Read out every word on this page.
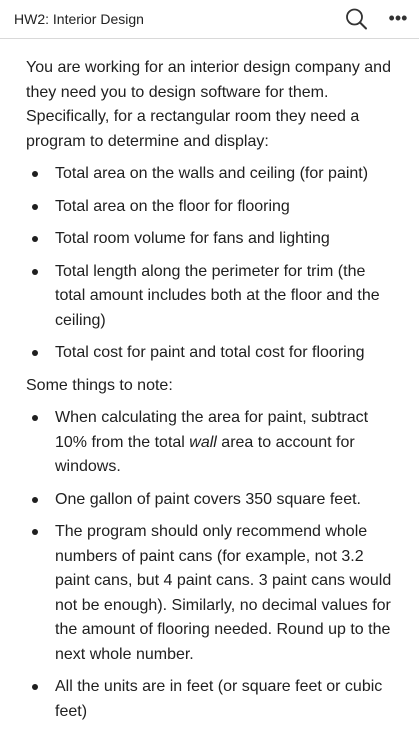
HW2: Interior Design	•••

You are working for an interior design company and they need you to design software for them. Specifically, for a rectangular room they need a program to determine and display:

Total area on the walls and ceiling (for paint)
Total area on the floor for flooring
Total room volume for fans and lighting
Total length along the perimeter for trim (the total amount includes both at the floor and the ceiling)
Total cost for paint and total cost for flooring

Some things to note:

When calculating the area for paint, subtract 10% from the total wall area to account for windows.
One gallon of paint covers 350 square feet.
The program should only recommend whole numbers of paint cans (for example, not 3.2 paint cans, but 4 paint cans. 3 paint cans would not be enough). Similarly, no decimal values for the amount of flooring needed. Round up to the next whole number.
All the units are in feet (or square feet or cubic feet)
